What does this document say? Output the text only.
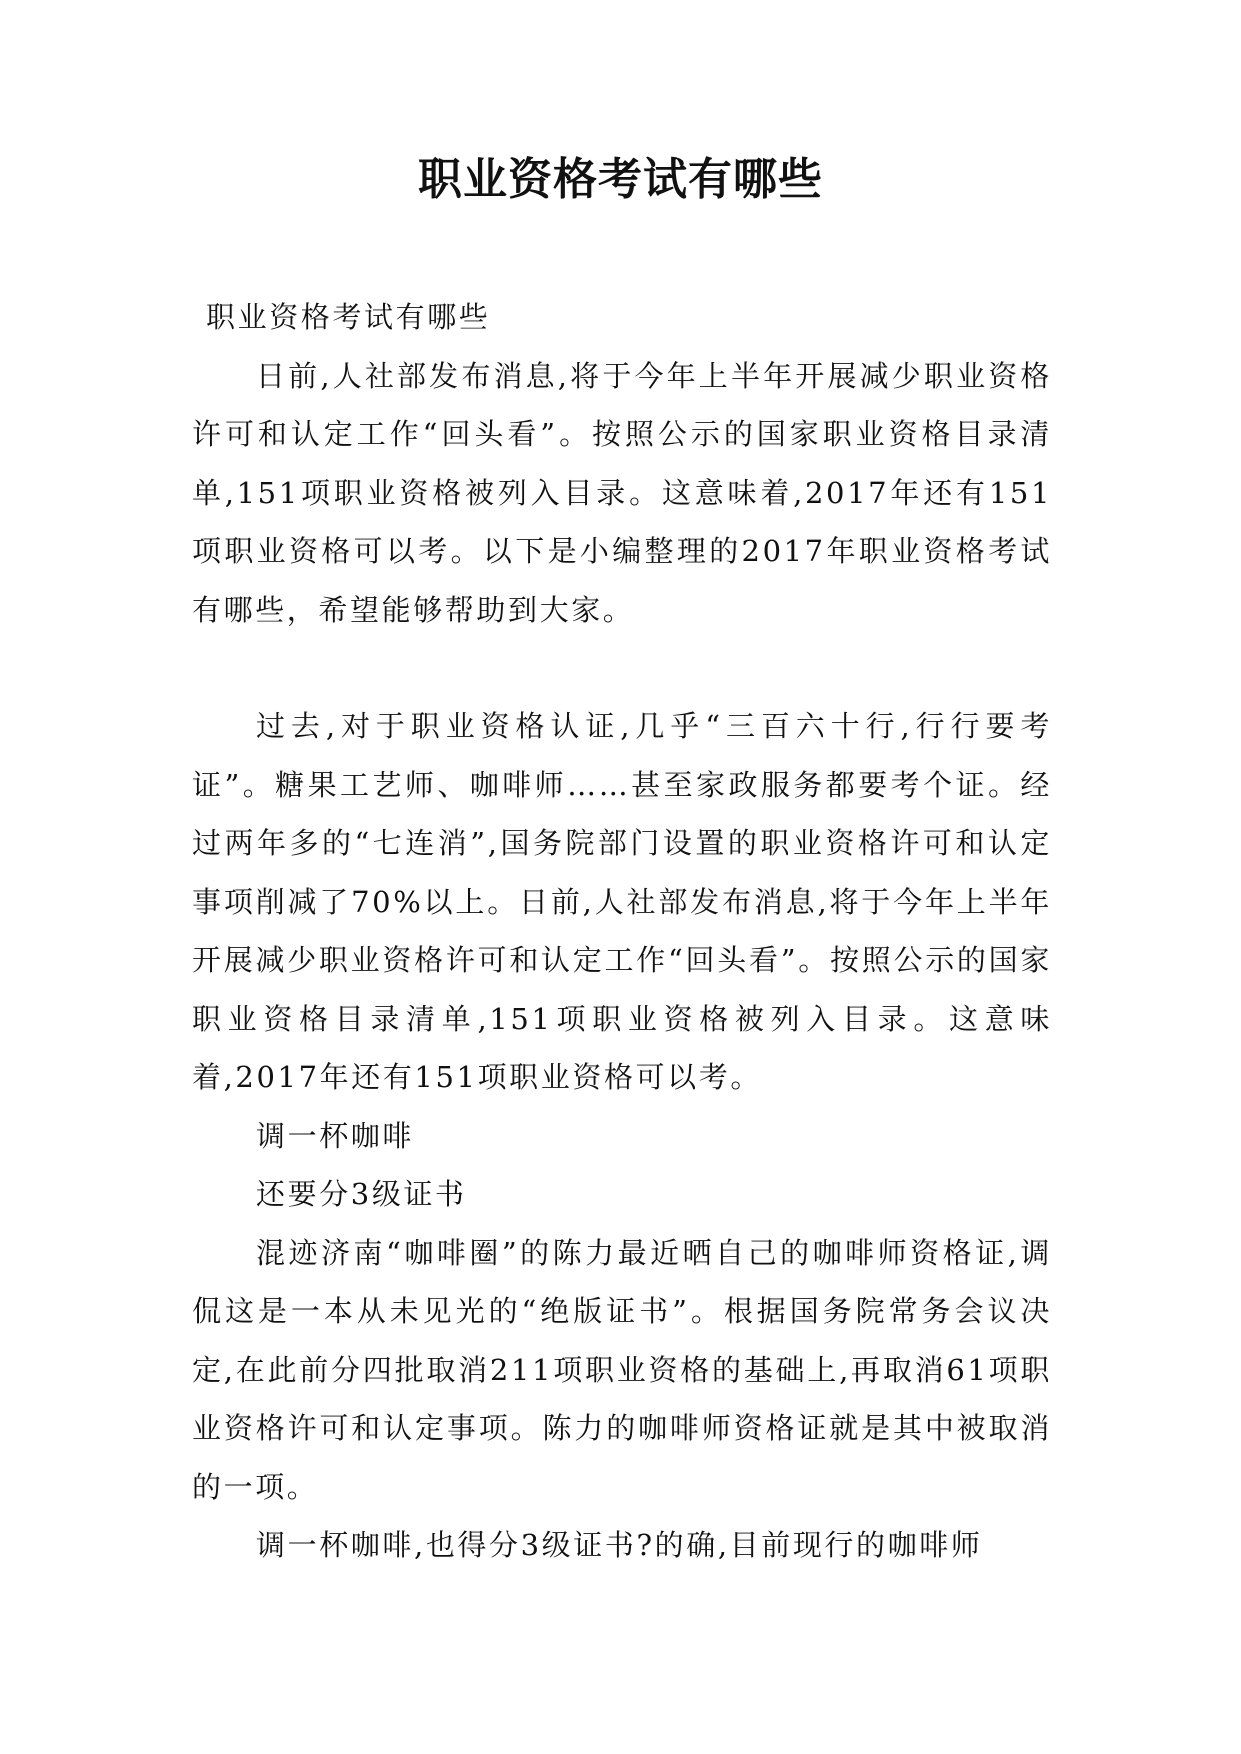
职业资格考试有哪些

职业资格考试有哪些

日前,人社部发布消息,将于今年上半年开展减少职业资格许可和认定工作“回头看”。按照公示的国家职业资格目录清单,151项职业资格被列入目录。这意味着,2017年还有151项职业资格可以考。以下是小编整理的2017年职业资格考试有哪些，希望能够帮助到大家。

过去,对于职业资格认证,几乎“三百六十行,行行要考证”。糖果工艺师、咖啡师……甚至家政服务都要考个证。经过两年多的“七连消”,国务院部门设置的职业资格许可和认定事项削减了70%以上。日前,人社部发布消息,将于今年上半年开展减少职业资格许可和认定工作“回头看”。按照公示的国家职业资格目录清单,151项职业资格被列入目录。这意味着,2017年还有151项职业资格可以考。

调一杯咖啡

还要分3级证书

混迹济南“咖啡圈”的陈力最近晒自己的咖啡师资格证,调侃这是一本从未见光的“绝版证书”。根据国务院常务会议决定,在此前分四批取消211项职业资格的基础上,再取消61项职业资格许可和认定事项。陈力的咖啡师资格证就是其中被取消的一项。

调一杯咖啡,也得分3级证书?的确,目前现行的咖啡师
